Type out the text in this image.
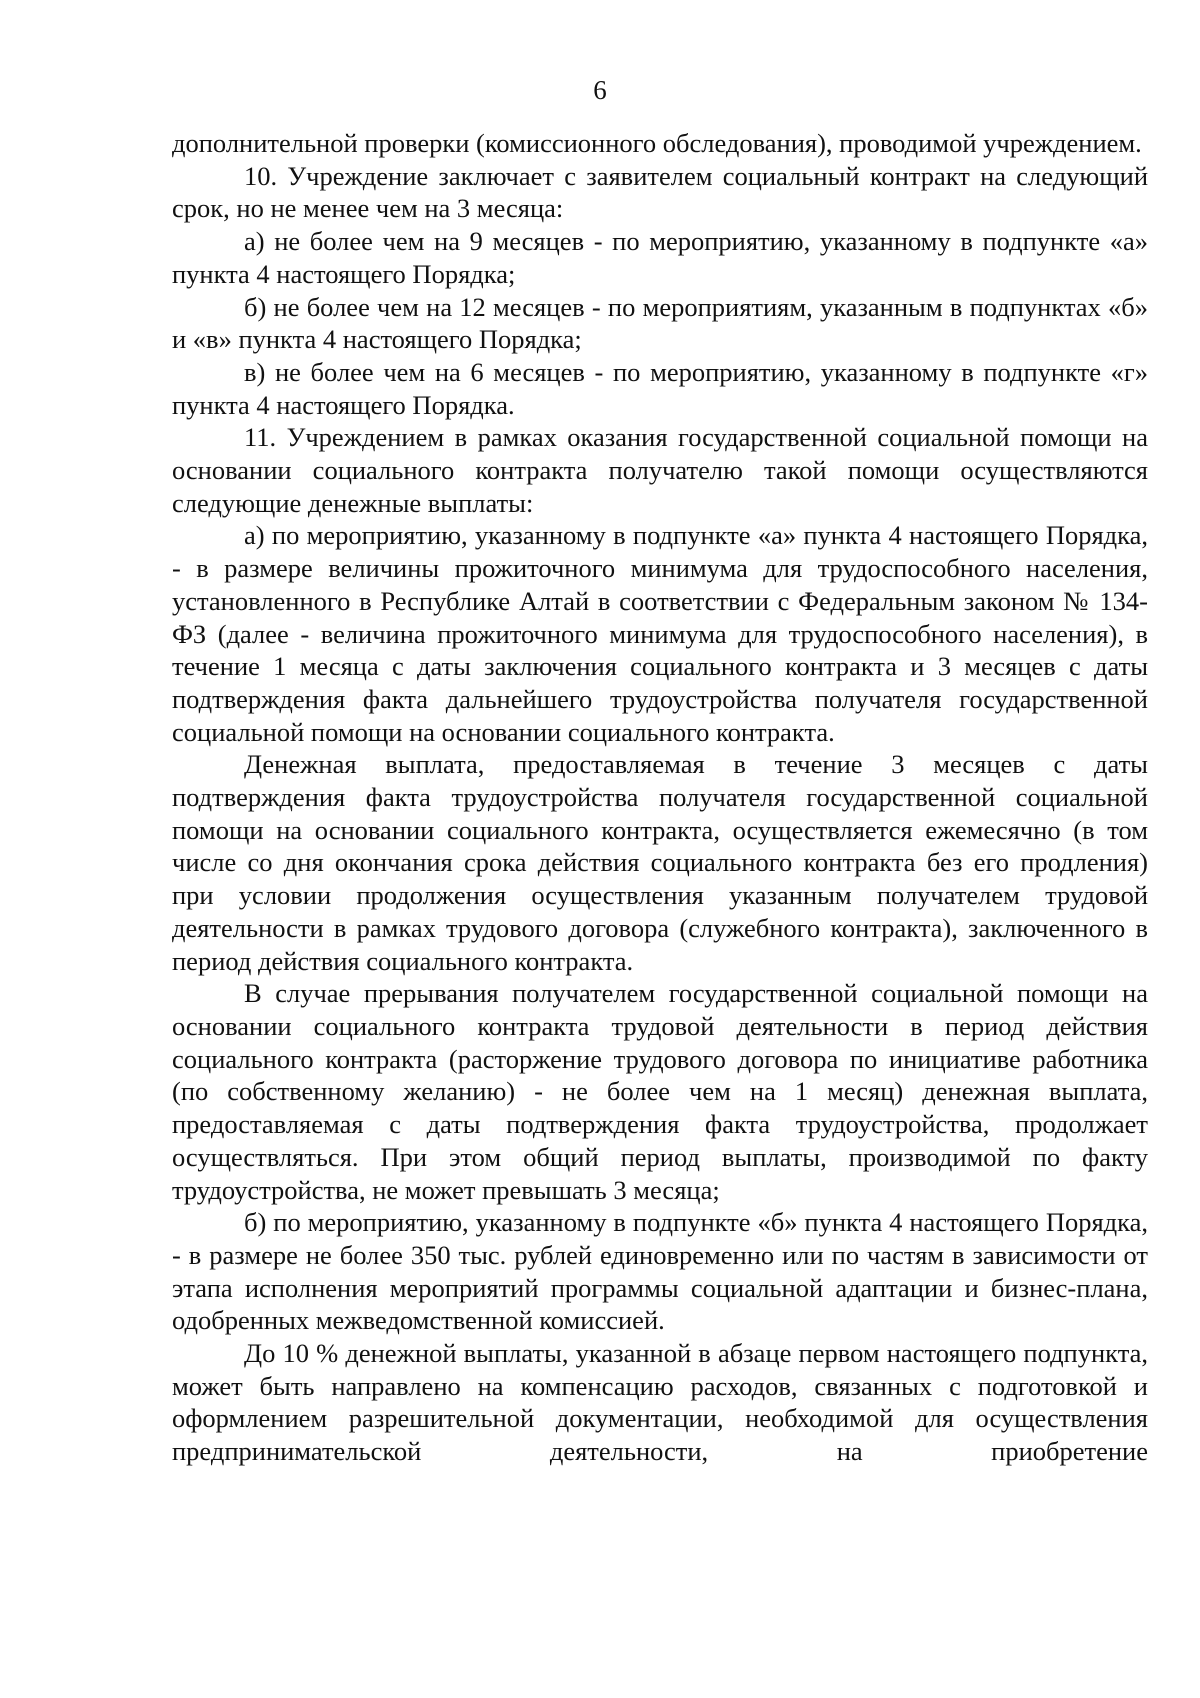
6

дополнительной проверки (комиссионного обследования), проводимой учреждением.

10. Учреждение заключает с заявителем социальный контракт на следующий срок, но не менее чем на 3 месяца:

а) не более чем на 9 месяцев - по мероприятию, указанному в подпункте «а» пункта 4 настоящего Порядка;

б) не более чем на 12 месяцев - по мероприятиям, указанным в подпунктах «б» и «в» пункта 4 настоящего Порядка;

в) не более чем на 6 месяцев - по мероприятию, указанному в подпункте «г» пункта 4 настоящего Порядка.

11. Учреждением в рамках оказания государственной социальной помощи на основании социального контракта получателю такой помощи осуществляются следующие денежные выплаты:

а) по мероприятию, указанному в подпункте «а» пункта 4 настоящего Порядка, - в размере величины прожиточного минимума для трудоспособного населения, установленного в Республике Алтай в соответствии с Федеральным законом № 134-ФЗ (далее - величина прожиточного минимума для трудоспособного населения), в течение 1 месяца с даты заключения социального контракта и 3 месяцев с даты подтверждения факта дальнейшего трудоустройства получателя государственной социальной помощи на основании социального контракта.

Денежная выплата, предоставляемая в течение 3 месяцев с даты подтверждения факта трудоустройства получателя государственной социальной помощи на основании социального контракта, осуществляется ежемесячно (в том числе со дня окончания срока действия социального контракта без его продления) при условии продолжения осуществления указанным получателем трудовой деятельности в рамках трудового договора (служебного контракта), заключенного в период действия социального контракта.

В случае прерывания получателем государственной социальной помощи на основании социального контракта трудовой деятельности в период действия социального контракта (расторжение трудового договора по инициативе работника (по собственному желанию) - не более чем на 1 месяц) денежная выплата, предоставляемая с даты подтверждения факта трудоустройства, продолжает осуществляться. При этом общий период выплаты, производимой по факту трудоустройства, не может превышать 3 месяца;

б) по мероприятию, указанному в подпункте «б» пункта 4 настоящего Порядка, - в размере не более 350 тыс. рублей единовременно или по частям в зависимости от этапа исполнения мероприятий программы социальной адаптации и бизнес-плана, одобренных межведомственной комиссией.

До 10 % денежной выплаты, указанной в абзаце первом настоящего подпункта, может быть направлено на компенсацию расходов, связанных с подготовкой и оформлением разрешительной документации, необходимой для осуществления предпринимательской деятельности, на приобретение
